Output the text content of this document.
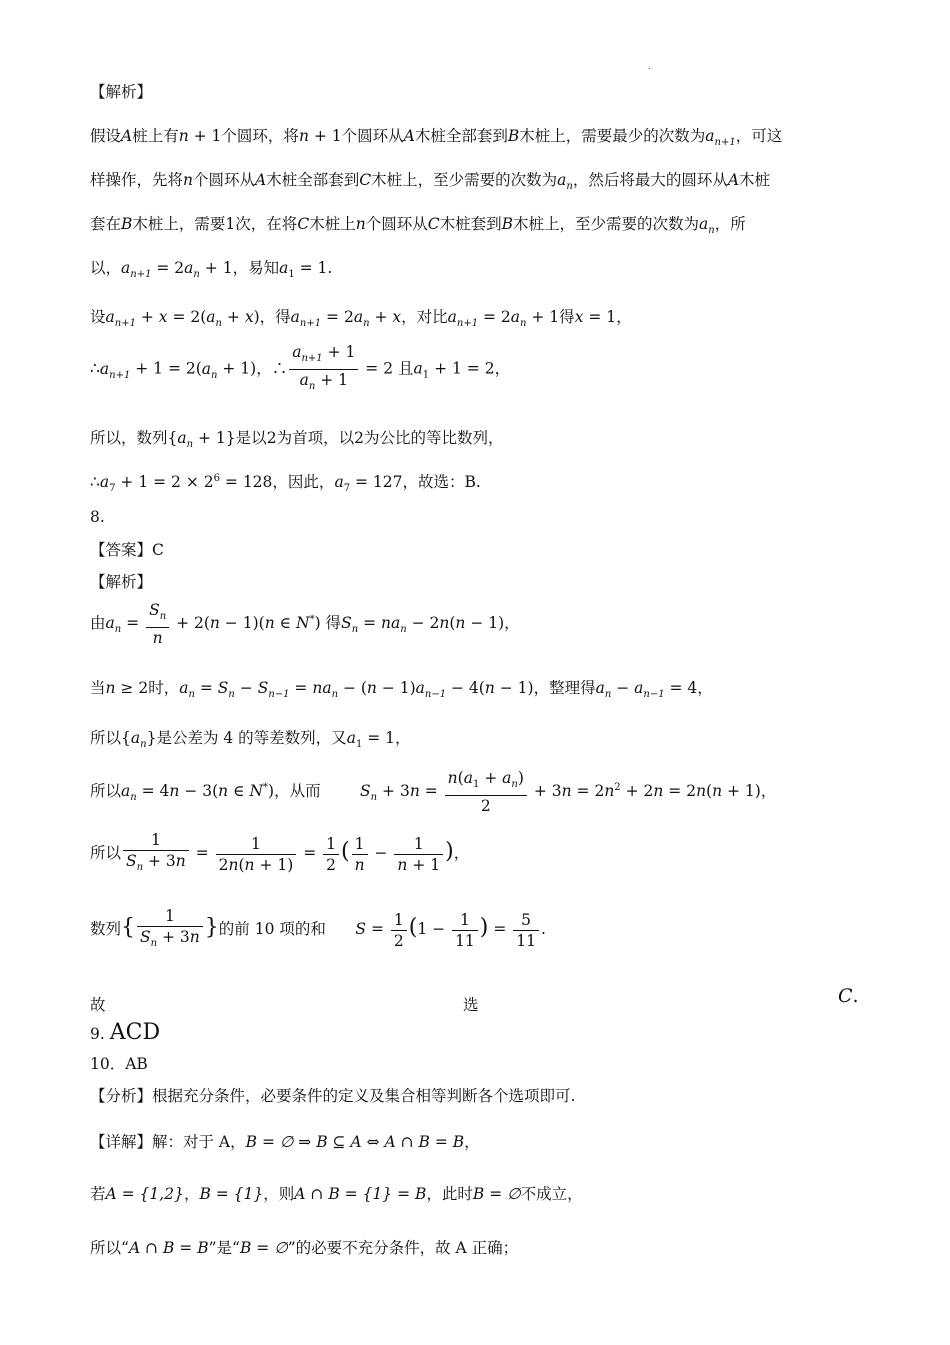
.
【解析】
假设A桩上有n + 1个圆环，将n + 1个圆环从A木桩全部套到B木桩上，需要最少的次数为$a_{n+1}$，可这
样操作，先将n个圆环从A木桩全部套到C木桩上，至少需要的次数为$a_n$，然后将最大的圆环从A木桩
套在B木桩上，需要1次，在将C木桩上n个圆环从C木桩套到B木桩上，至少需要的次数为$a_n$，所
以，$a_{n+1} = 2a_n + 1$，易知$a_1 = 1$.
设$a_{n+1} + x = 2(a_n + x)$，得$a_{n+1} = 2a_n + x$，对比$a_{n+1} = 2a_n + 1$得x = 1，
$\therefore a_{n+1} + 1 = 2(a_n + 1)$，∴ $\frac{a_{n+1} + 1}{a_n + 1} = 2$ 且$a_1 + 1 = 2$，
所以，数列$\{a_n + 1\}$是以2为首项，以2为公比的等比数列，
$\therefore a_7 + 1 = 2 \times 2^6 = 128$，因此，$a_7 = 127$，故选：B.
8.
【答案】C
【解析】
由$a_n = \frac{S_n}{n} + 2(n - 1)(n$ ∈ N*) 得$S_n = na_n - 2n(n - 1)$，
当n ≥ 2时，$a_n = S_n - S_{n-1} = na_n - (n - 1)a_{n-1} - 4(n - 1)$，整理得$a_n - a_{n-1} = 4$，
所以$\{a_n\}$是公差为 4 的等差数列，又$a_1 = 1$，
所以$a_n = 4n - 3(n$ ∈ N*)，从而	$S_n + 3n = \frac{n(a_1 + a_n)}{2} + 3n = 2n^2 + 2n = 2n(n + 1)$，
所以 $\frac{1}{S_n + 3n} = \frac{1}{2n(n + 1)} = \frac{1}{2}$ ( $\frac{1}{n} - \frac{1}{n + 1}$ )，
数列{ $\frac{1}{S_n + 3n}$ }的前 10 项的和 $S = \frac{1}{2} (1 - \frac{1}{11}$ ) = $\frac{5}{11}$ .
故	选	C.
9. ACD
10．AB
【分析】根据充分条件，必要条件的定义及集合相等判断各个选项即可.
【详解】解：对于 A，B = ∅ ⇒ B ⊆ A ⇔ A ∩ B = B，
若A = {1,2}，B = {1}，则A ∩ B = {1} = B，此时B = ∅不成立，
所以“A ∩ B = B”是“B = ∅”的必要不充分条件，故 A 正确；
